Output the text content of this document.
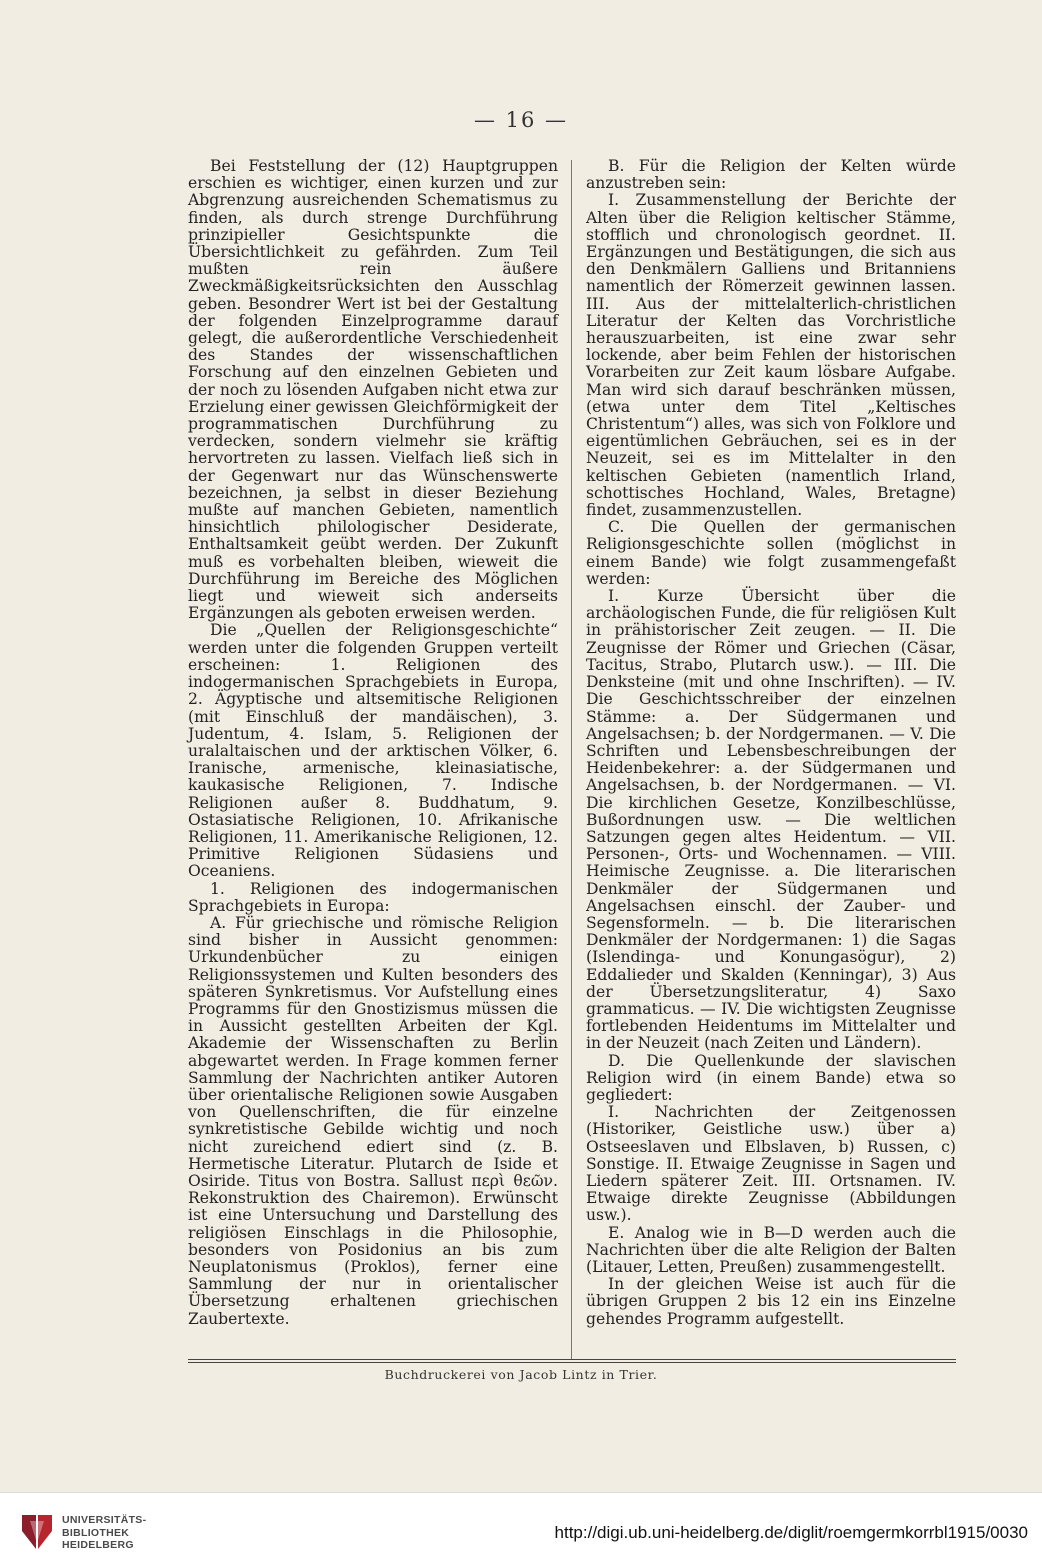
— 16 —

Bei Feststellung der (12) Hauptgruppen erschien es wichtiger, einen kurzen und zur Abgrenzung ausreichenden Schematismus zu finden, als durch strenge Durchführung prinzipieller Gesichtspunkte die Übersichtlichkeit zu gefährden. Zum Teil mußten rein äußere Zweckmäßigkeitsrücksichten den Ausschlag geben. Besondrer Wert ist bei der Gestaltung der folgenden Einzelprogramme darauf gelegt, die außerordentliche Verschiedenheit des Standes der wissenschaftlichen Forschung auf den einzelnen Gebieten und der noch zu lösenden Aufgaben nicht etwa zur Erzielung einer gewissen Gleichförmigkeit der programmatischen Durchführung zu verdecken, sondern vielmehr sie kräftig hervortreten zu lassen. Vielfach ließ sich in der Gegenwart nur das Wünschenswerte bezeichnen, ja selbst in dieser Beziehung mußte auf manchen Gebieten, namentlich hinsichtlich philologischer Desiderate, Enthaltsamkeit geübt werden. Der Zukunft muß es vorbehalten bleiben, wieweit die Durchführung im Bereiche des Möglichen liegt und wieweit sich anderseits Ergänzungen als geboten erweisen werden.

Die „Quellen der Religionsgeschichte“ werden unter die folgenden Gruppen verteilt erscheinen: 1. Religionen des indogermanischen Sprachgebiets in Europa, 2. Ägyptische und altsemitische Religionen (mit Einschluß der mandäischen), 3. Judentum, 4. Islam, 5. Religionen der uralaltaischen und der arktischen Völker, 6. Iranische, armenische, kleinasiatische, kaukasische Religionen, 7. Indische Religionen außer 8. Buddhatum, 9. Ostasiatische Religionen, 10. Afrikanische Religionen, 11. Amerikanische Religionen, 12. Primitive Religionen Südasiens und Oceaniens.

1. Religionen des indogermanischen Sprachgebiets in Europa:

A. Für griechische und römische Religion sind bisher in Aussicht genommen: Urkundenbücher zu einigen Religionssystemen und Kulten besonders des späteren Synkretismus. Vor Aufstellung eines Programms für den Gnostizismus müssen die in Aussicht gestellten Arbeiten der Kgl. Akademie der Wissenschaften zu Berlin abgewartet werden. In Frage kommen ferner Sammlung der Nachrichten antiker Autoren über orientalische Religionen sowie Ausgaben von Quellenschriften, die für einzelne synkretistische Gebilde wichtig und noch nicht zureichend ediert sind (z. B. Hermetische Literatur. Plutarch de Iside et Osiride. Titus von Bostra. Sallust περὶ θεῶν. Rekonstruktion des Chairemon). Erwünscht ist eine Untersuchung und Darstellung des religiösen Einschlags in die Philosophie, besonders von Posidonius an bis zum Neuplatonismus (Proklos), ferner eine Sammlung der nur in orientalischer Übersetzung erhaltenen griechischen Zaubertexte.

B. Für die Religion der Kelten würde anzustreben sein:

I. Zusammenstellung der Berichte der Alten über die Religion keltischer Stämme, stofflich und chronologisch geordnet. II. Ergänzungen und Bestätigungen, die sich aus den Denkmälern Galliens und Britanniens namentlich der Römerzeit gewinnen lassen. III. Aus der mittelalterlich-christlichen Literatur der Kelten das Vorchristliche herauszuarbeiten, ist eine zwar sehr lockende, aber beim Fehlen der historischen Vorarbeiten zur Zeit kaum lösbare Aufgabe. Man wird sich darauf beschränken müssen, (etwa unter dem Titel „Keltisches Christentum“) alles, was sich von Folklore und eigentümlichen Gebräuchen, sei es in der Neuzeit, sei es im Mittelalter in den keltischen Gebieten (namentlich Irland, schottisches Hochland, Wales, Bretagne) findet, zusammenzustellen.

C. Die Quellen der germanischen Religionsgeschichte sollen (möglichst in einem Bande) wie folgt zusammengefaßt werden:

I. Kurze Übersicht über die archäologischen Funde, die für religiösen Kult in prähistorischer Zeit zeugen. — II. Die Zeugnisse der Römer und Griechen (Cäsar, Tacitus, Strabo, Plutarch usw.). — III. Die Denksteine (mit und ohne Inschriften). — IV. Die Geschichtsschreiber der einzelnen Stämme: a. Der Südgermanen und Angelsachsen; b. der Nordgermanen. — V. Die Schriften und Lebensbeschreibungen der Heidenbekehrer: a. der Südgermanen und Angelsachsen, b. der Nordgermanen. — VI. Die kirchlichen Gesetze, Konzilbeschlüsse, Bußordnungen usw. — Die weltlichen Satzungen gegen altes Heidentum. — VII. Personen-, Orts- und Wochennamen. — VIII. Heimische Zeugnisse. a. Die literarischen Denkmäler der Südgermanen und Angelsachsen einschl. der Zauber- und Segensformeln. — b. Die literarischen Denkmäler der Nordgermanen: 1) die Sagas (Islendinga- und Konungasögur), 2) Eddalieder und Skalden (Kenningar), 3) Aus der Übersetzungsliteratur, 4) Saxo grammaticus. — IV. Die wichtigsten Zeugnisse fortlebenden Heidentums im Mittelalter und in der Neuzeit (nach Zeiten und Ländern).

D. Die Quellenkunde der slavischen Religion wird (in einem Bande) etwa so gegliedert:

I. Nachrichten der Zeitgenossen (Historiker, Geistliche usw.) über a) Ostseeslaven und Elbslaven, b) Russen, c) Sonstige. II. Etwaige Zeugnisse in Sagen und Liedern späterer Zeit. III. Ortsnamen. IV. Etwaige direkte Zeugnisse (Abbildungen usw.).

E. Analog wie in B—D werden auch die Nachrichten über die alte Religion der Balten (Litauer, Letten, Preußen) zusammengestellt.

In der gleichen Weise ist auch für die übrigen Gruppen 2 bis 12 ein ins Einzelne gehendes Programm aufgestellt.

Buchdruckerei von Jacob Lintz in Trier.
UNIVERSITÄTS-
BIBLIOTHEK
HEIDELBERG
http://digi.ub.uni-heidelberg.de/diglit/roemgermkorrbl1915/0030
